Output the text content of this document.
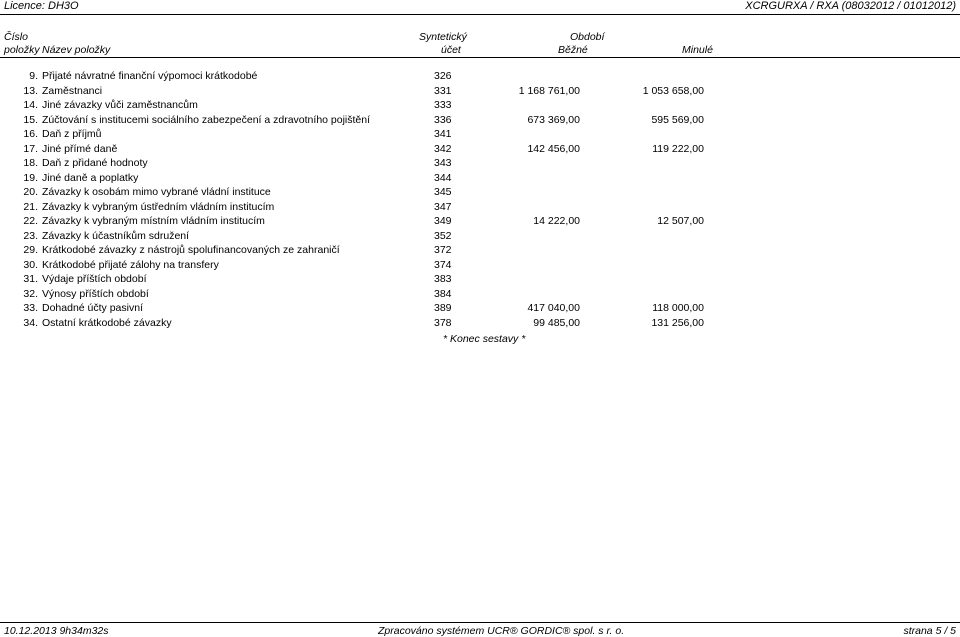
Licence: DH3O	XCRGURXA / RXA (08032012 / 01012012)
Číslo
položky Název položky
Syntetický
účet
Období
Běžné	Minulé
9. Přijaté návratné finanční výpomoci krátkodobé	326
13. Zaměstnanci	331	1 168 761,00	1 053 658,00
14. Jiné závazky vůči zaměstnancům	333
15. Zúčtování s institucemi sociálního zabezpečení a zdravotního pojištění	336	673 369,00	595 569,00
16. Daň z příjmů	341
17. Jiné přímé daně	342	142 456,00	119 222,00
18. Daň z přidané hodnoty	343
19. Jiné daně a poplatky	344
20. Závazky k osobám mimo vybrané vládní instituce	345
21. Závazky k vybraným ústředním vládním institucím	347
22. Závazky k vybraným místním vládním institucím	349	14 222,00	12 507,00
23. Závazky k účastníkům sdružení	352
29. Krátkodobé závazky z nástrojů spolufinancovaných ze zahraničí	372
30. Krátkodobé přijaté zálohy na transfery	374
31. Výdaje příštích období	383
32. Výnosy příštích období	384
33. Dohadné účty pasivní	389	417 040,00	118 000,00
34. Ostatní krátkodobé závazky	378	99 485,00	131 256,00
* Konec sestavy *
10.12.2013 9h34m32s	Zpracováno systémem UCR® GORDIC® spol. s r. o.	strana 5 / 5
